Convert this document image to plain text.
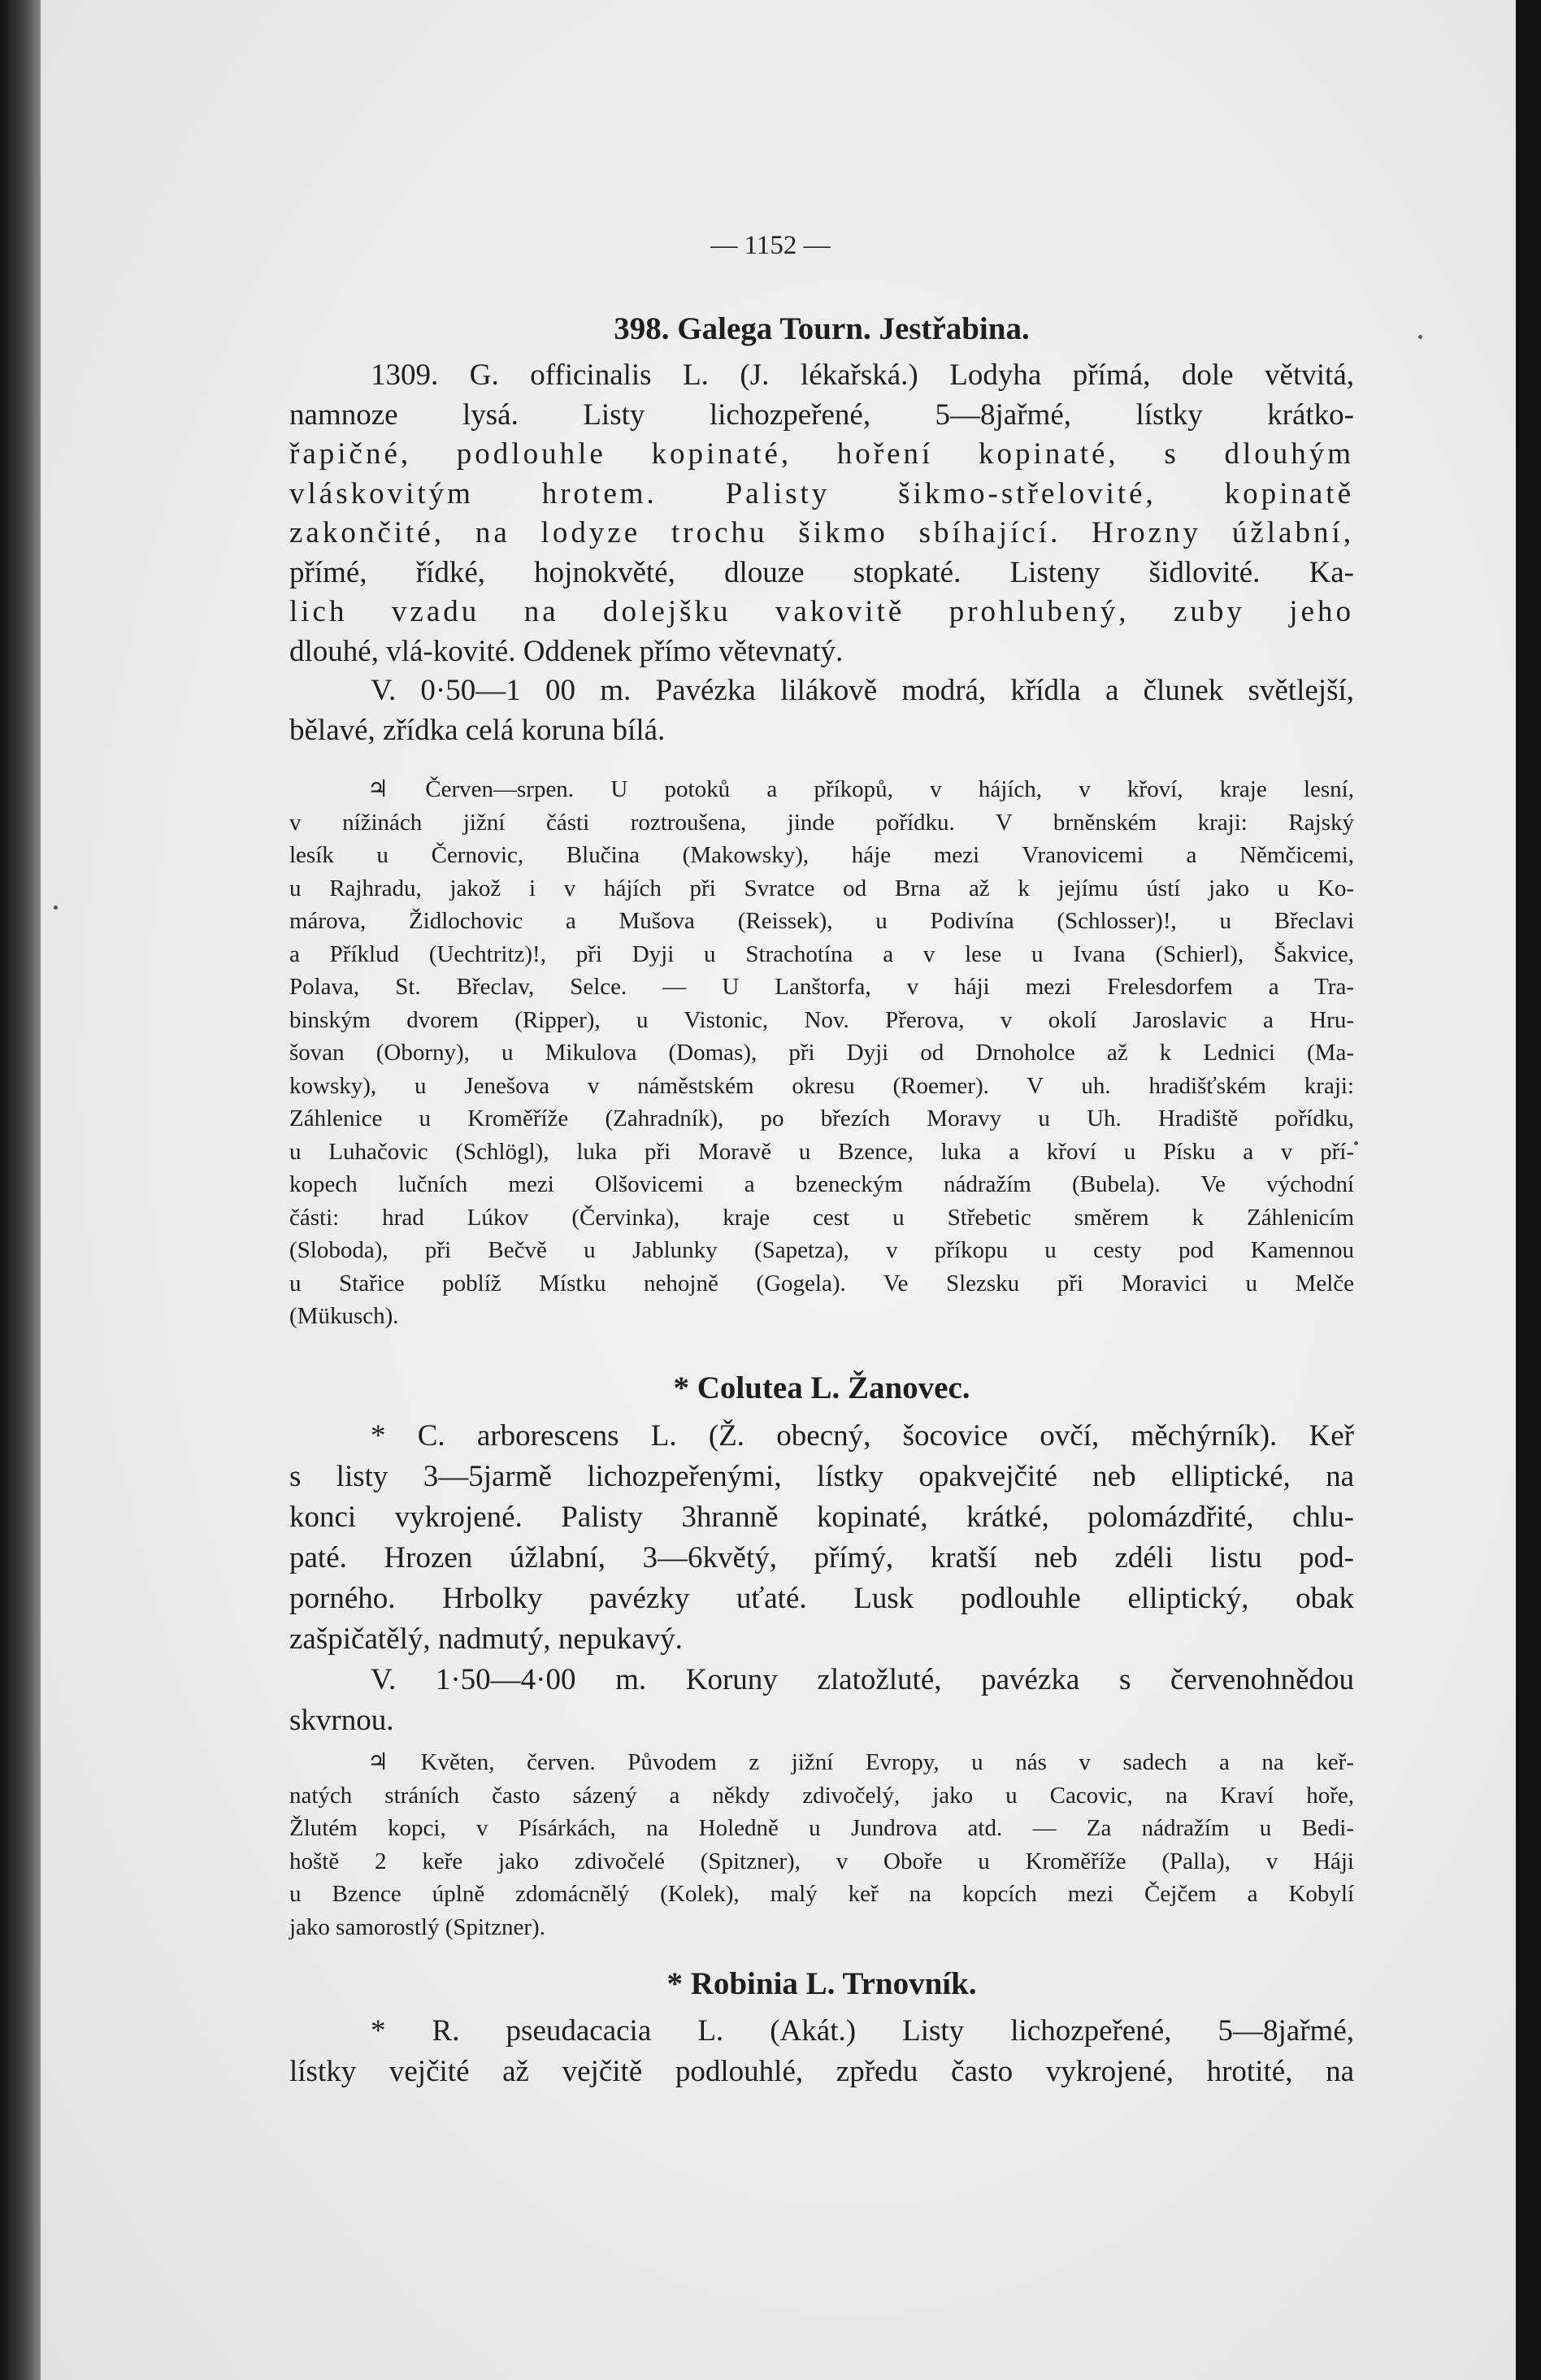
— 1152 —
398. Galega Tourn. Jestřabina.
1309. G. officinalis L. (J. lékařská.) Lodyha přímá, dole větvitá,
namnoze lysá. Listy lichozpeřené, 5—8jařmé, lístky krátko-
řapičné, podlouhle kopinaté, hoření kopinaté, s dlouhým
vláskovitým hrotem. Palisty šikmo-střelovité, kopinatě
zakončité, na lodyze trochu šikmo sbíhající. Hrozny úžlabní,
přímé, řídké, hojnokvěté, dlouze stopkaté. Listeny šidlovité. Ka-
lich vzadu na dolejšku vakovitě prohlubený, zuby jeho
dlouhé, vlá-kovité. Oddenek přímo větevnatý.
V. 0·50—1 00 m. Pavézka lilákově modrá, křídla a člunek světlejší,
bělavé, zřídka celá koruna bílá.
♃ Červen—srpen. U potoků a příkopů, v hájích, v křoví, kraje lesní,
v nížinách jižní části roztroušena, jinde pořídku. V brněnském kraji: Rajský
lesík u Černovic, Blučina (Makowsky), háje mezi Vranovicemi a Němčicemi,
u Rajhradu, jakož i v hájích při Svratce od Brna až k jejímu ústí jako u Ko-
márova, Židlochovic a Mušova (Reissek), u Podivína (Schlosser)!, u Břeclavi
a Příklud (Uechtritz)!, při Dyji u Strachotína a v lese u Ivana (Schierl), Šakvice,
Polava, St. Břeclav, Selce. — U Lanštorfa, v háji mezi Frelesdorfem a Tra-
binským dvorem (Ripper), u Vistonic, Nov. Přerova, v okolí Jaroslavic a Hru-
šovan (Oborny), u Mikulova (Domas), při Dyji od Drnoholce až k Lednici (Ma-
kowsky), u Jenešova v náměstském okresu (Roemer). V uh. hradišťském kraji:
Záhlenice u Kroměříže (Zahradník), po březích Moravy u Uh. Hradiště pořídku,
u Luhačovic (Schlögl), luka při Moravě u Bzence, luka a křoví u Písku a v pří-
kopech lučních mezi Olšovicemi a bzeneckým nádražím (Bubela). Ve východní
části: hrad Lúkov (Červinka), kraje cest u Střebetic směrem k Záhlenicím
(Sloboda), při Bečvě u Jablunky (Sapetza), v příkopu u cesty pod Kamennou
u Stařice poblíž Místku nehojně (Gogela). Ve Slezsku při Moravici u Melče
(Mükusch).
* Colutea L. Žanovec.
* C. arborescens L. (Ž. obecný, šocovice ovčí, měchýrník). Keř
s listy 3—5jarmě lichozpeřenými, lístky opakvejčité neb elliptické, na
konci vykrojené. Palisty 3hranně kopinaté, krátké, polomázdřité, chlu-
paté. Hrozen úžlabní, 3—6květý, přímý, kratší neb zdéli listu pod-
porného. Hrbolky pavézky uťaté. Lusk podlouhle elliptický, obak
zašpičatělý, nadmutý, nepukavý.
V. 1·50—4·00 m. Koruny zlatožluté, pavézka s červenohnědou
skvrnou.
♃ Květen, červen. Původem z jižní Evropy, u nás v sadech a na keř-
natých stráních často sázený a někdy zdivočelý, jako u Cacovic, na Kraví hoře,
Žlutém kopci, v Písárkách, na Holedně u Jundrova atd. — Za nádražím u Bedi-
hoště 2 keře jako zdivočelé (Spitzner), v Oboře u Kroměříže (Palla), v Háji
u Bzence úplně zdomácnělý (Kolek), malý keř na kopcích mezi Čejčem a Kobylí
jako samorostlý (Spitzner).
* Robinia L. Trnovník.
* R. pseudacacia L. (Akát.) Listy lichozpeřené, 5—8jařmé,
lístky vejčité až vejčitě podlouhlé, zpředu často vykrojené, hrotité, na
